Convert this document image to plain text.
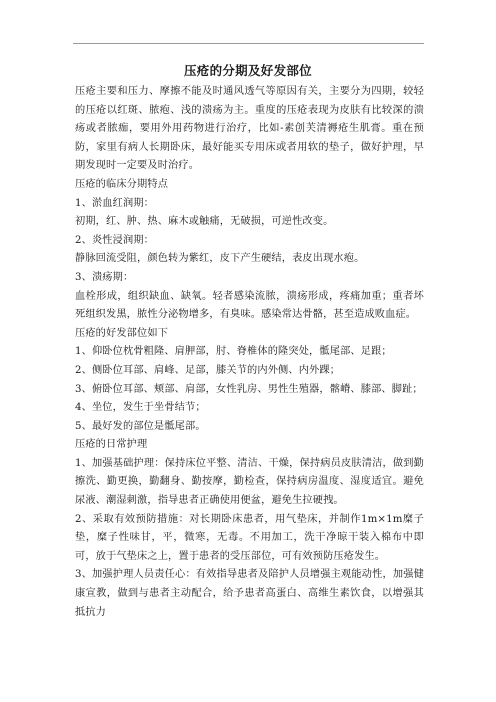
压疮的分期及好发部位

压疮主要和压力、摩擦不能及时通风透气等原因有关，主要分为四期，较轻的压疮以红斑、脓疱、浅的溃疡为主。重度的压疮表现为皮肤有比较深的溃疡或者脓痂，要用外用药物进行治疗，比如-素创芙清褥疮生肌膏。重在预防，家里有病人长期卧床，最好能买专用床或者用软的垫子，做好护理，早期发现时一定要及时治疗。

压疮的临床分期特点

1、淤血红润期：

初期，红、肿、热、麻木或触痛，无破损，可逆性改变。

2、炎性浸润期：

静脉回流受阻，颜色转为紫红，皮下产生硬结，表皮出现水疱。

3、溃疡期：

血栓形成，组织缺血、缺氧。轻者感染流脓，溃疡形成，疼痛加重；重者坏死组织发黑，脓性分泌物增多，有臭味。感染常达骨骼，甚至造成败血症。

压疮的好发部位如下

1、仰卧位枕骨粗隆、肩胛部，肘、脊椎体的隆突处，骶尾部、足跟；

2、侧卧位耳部、肩峰、足部，膝关节的内外侧、内外踝；

3、俯卧位耳部、颊部、肩部，女性乳房、男性生殖器，髂嵴、膝部、脚趾；

4、坐位，发生于坐骨结节；

5、最好发的部位是骶尾部。

压疮的日常护理

1、加强基础护理：保持床位平整、清洁、干燥，保持病员皮肤清洁，做到勤擦洗、勤更换，勤翻身、勤按摩，勤检查，保持病房温度、湿度适宜。避免尿液、潮湿刺激，指导患者正确使用便盆，避免生拉硬拽。

2、采取有效预防措施：对长期卧床患者，用气垫床，并制作1m×1m糜子垫，糜子性味甘，平，微寒，无毒。不用加工，洗干净晾干装入棉布中即可，放于气垫床之上，置于患者的受压部位，可有效预防压疮发生。

3、加强护理人员责任心：有效指导患者及陪护人员增强主观能动性，加强健康宣教，做到与患者主动配合，给予患者高蛋白、高维生素饮食，以增强其抵抗力
